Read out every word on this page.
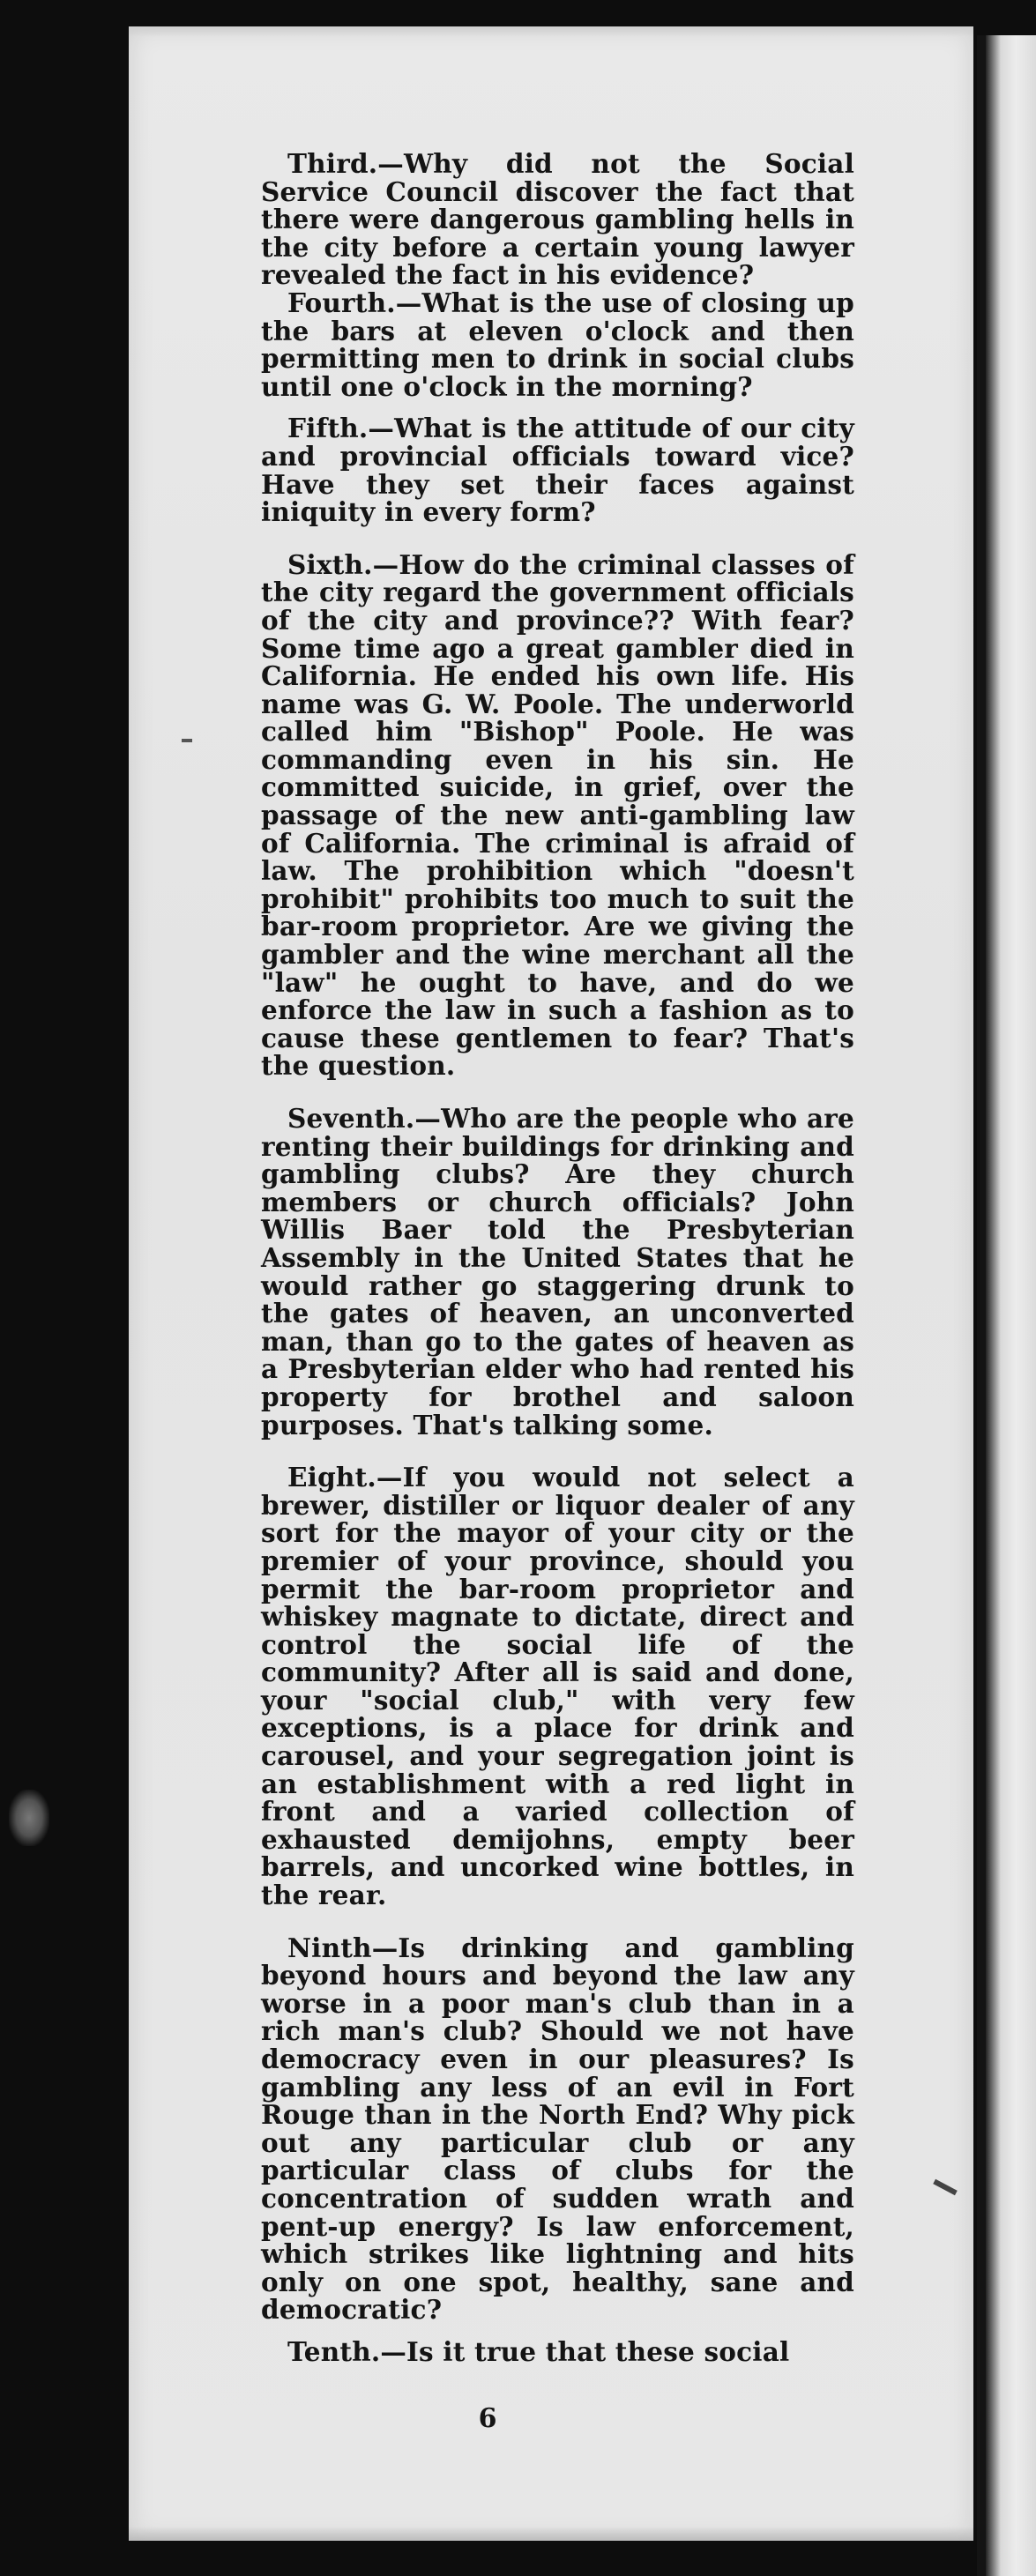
Third.—Why did not the Social Service Council discover the fact that there were dangerous gambling hells in the city before a certain young lawyer revealed the fact in his evidence?

Fourth.—What is the use of closing up the bars at eleven o'clock and then permitting men to drink in social clubs until one o'clock in the morning?

Fifth.—What is the attitude of our city and provincial officials toward vice? Have they set their faces against iniquity in every form?

Sixth.—How do the criminal classes of the city regard the government officials of the city and province?? With fear? Some time ago a great gambler died in California. He ended his own life. His name was G. W. Poole. The underworld called him "Bishop" Poole. He was commanding even in his sin. He committed suicide, in grief, over the passage of the new anti-gambling law of California. The criminal is afraid of law. The prohibition which "doesn't prohibit" prohibits too much to suit the bar-room proprietor. Are we giving the gambler and the wine merchant all the "law" he ought to have, and do we enforce the law in such a fashion as to cause these gentlemen to fear? That's the question.

Seventh.—Who are the people who are renting their buildings for drinking and gambling clubs? Are they church members or church officials? John Willis Baer told the Presbyterian Assembly in the United States that he would rather go staggering drunk to the gates of heaven, an unconverted man, than go to the gates of heaven as a Presbyterian elder who had rented his property for brothel and saloon purposes. That's talking some.

Eight.—If you would not select a brewer, distiller or liquor dealer of any sort for the mayor of your city or the premier of your province, should you permit the bar-room proprietor and whiskey magnate to dictate, direct and control the social life of the community? After all is said and done, your "social club," with very few exceptions, is a place for drink and carousel, and your segregation joint is an establishment with a red light in front and a varied collection of exhausted demijohns, empty beer barrels, and uncorked wine bottles, in the rear.

Ninth—Is drinking and gambling beyond hours and beyond the law any worse in a poor man's club than in a rich man's club? Should we not have democracy even in our pleasures? Is gambling any less of an evil in Fort Rouge than in the North End? Why pick out any particular club or any particular class of clubs for the concentration of sudden wrath and pent-up energy? Is law enforcement, which strikes like lightning and hits only on one spot, healthy, sane and democratic?

Tenth.—Is it true that these social

6
